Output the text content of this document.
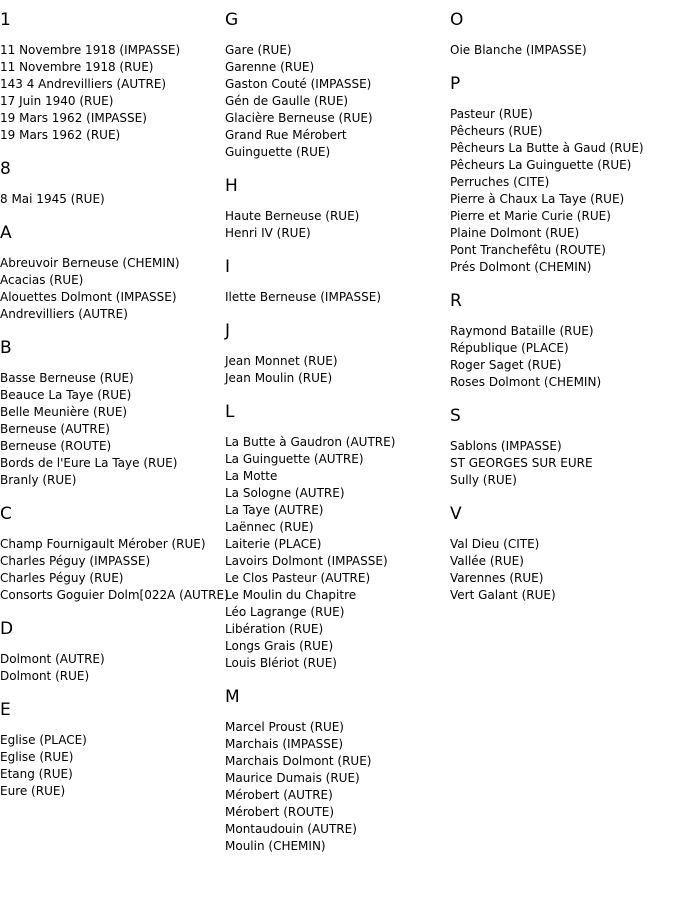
1
11 Novembre 1918 (IMPASSE)
11 Novembre 1918 (RUE)
143 4 Andrevilliers (AUTRE)
17 Juin 1940 (RUE)
19 Mars 1962 (IMPASSE)
19 Mars 1962 (RUE)
8
8 Mai 1945 (RUE)
A
Abreuvoir Berneuse (CHEMIN)
Acacias (RUE)
Alouettes Dolmont (IMPASSE)
Andrevilliers (AUTRE)
B
Basse Berneuse (RUE)
Beauce La Taye (RUE)
Belle Meunière (RUE)
Berneuse (AUTRE)
Berneuse (ROUTE)
Bords de l'Eure La Taye (RUE)
Branly (RUE)
C
Champ Fournigault Mérober (RUE)
Charles Péguy (IMPASSE)
Charles Péguy (RUE)
Consorts Goguier Dolm[022A (AUTRE)
D
Dolmont (AUTRE)
Dolmont (RUE)
E
Eglise (PLACE)
Eglise (RUE)
Etang (RUE)
Eure (RUE)
G
Gare (RUE)
Garenne (RUE)
Gaston Couté (IMPASSE)
Gén de Gaulle (RUE)
Glacière Berneuse (RUE)
Grand Rue Mérobert
Guinguette (RUE)
H
Haute Berneuse (RUE)
Henri IV (RUE)
I
Ilette Berneuse (IMPASSE)
J
Jean Monnet (RUE)
Jean Moulin (RUE)
L
La Butte à Gaudron (AUTRE)
La Guinguette (AUTRE)
La Motte
La Sologne (AUTRE)
La Taye (AUTRE)
Laënnec (RUE)
Laiterie (PLACE)
Lavoirs Dolmont (IMPASSE)
Le Clos Pasteur (AUTRE)
Le Moulin du Chapitre
Léo Lagrange (RUE)
Libération (RUE)
Longs Grais (RUE)
Louis Blériot (RUE)
M
Marcel Proust (RUE)
Marchais (IMPASSE)
Marchais Dolmont (RUE)
Maurice Dumais (RUE)
Mérobert (AUTRE)
Mérobert (ROUTE)
Montaudouin (AUTRE)
Moulin (CHEMIN)
O
Oie Blanche (IMPASSE)
P
Pasteur (RUE)
Pêcheurs (RUE)
Pêcheurs La Butte à Gaud (RUE)
Pêcheurs La Guinguette (RUE)
Perruches (CITE)
Pierre à Chaux La Taye (RUE)
Pierre et Marie Curie (RUE)
Plaine Dolmont (RUE)
Pont Tranchefêtu (ROUTE)
Prés Dolmont (CHEMIN)
R
Raymond Bataille (RUE)
République (PLACE)
Roger Saget (RUE)
Roses Dolmont (CHEMIN)
S
Sablons (IMPASSE)
ST GEORGES SUR EURE
Sully (RUE)
V
Val Dieu (CITE)
Vallée (RUE)
Varennes (RUE)
Vert Galant (RUE)
